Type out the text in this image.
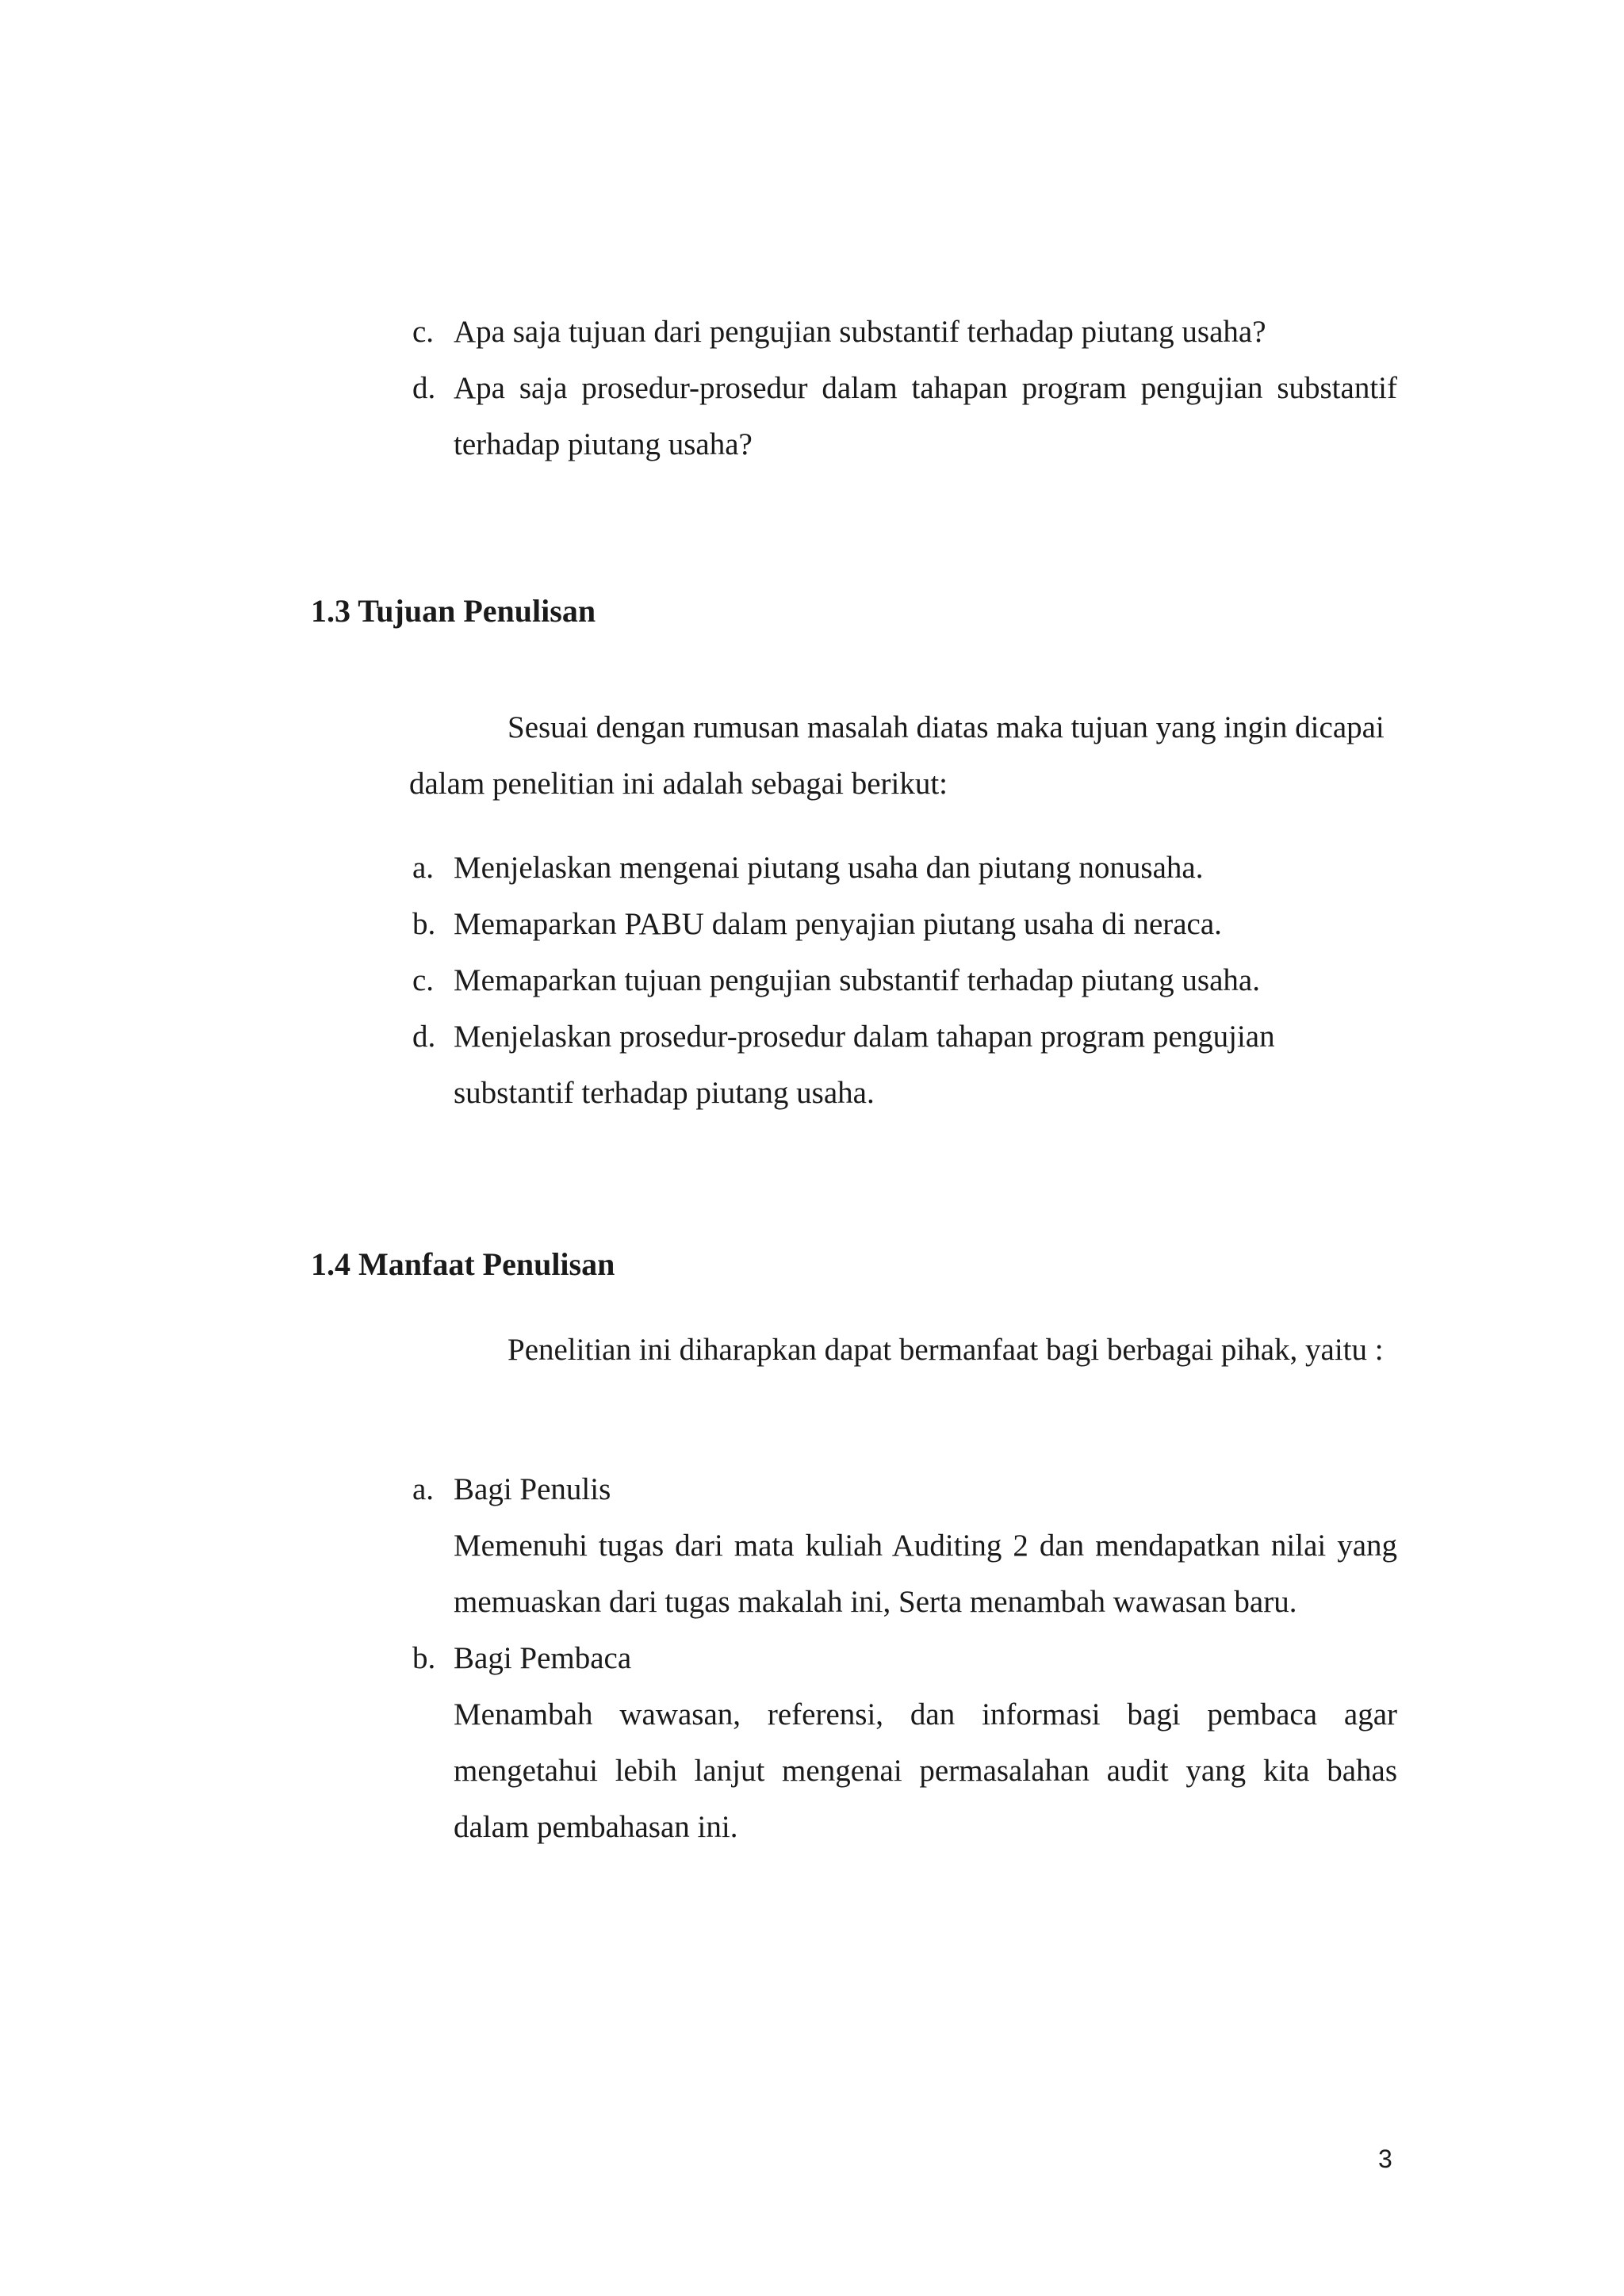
c. Apa saja tujuan dari pengujian substantif terhadap piutang usaha?
d. Apa saja prosedur-prosedur dalam tahapan program pengujian substantif terhadap piutang usaha?
1.3 Tujuan Penulisan

Sesuai dengan rumusan masalah diatas maka tujuan yang ingin dicapai dalam penelitian ini adalah sebagai berikut:

a. Menjelaskan mengenai piutang usaha dan piutang nonusaha.
b. Memaparkan PABU dalam penyajian piutang usaha di neraca.
c. Memaparkan tujuan pengujian substantif terhadap piutang usaha.
d. Menjelaskan prosedur-prosedur dalam tahapan program pengujian substantif terhadap piutang usaha.
1.4 Manfaat Penulisan

Penelitian ini diharapkan dapat bermanfaat bagi berbagai pihak, yaitu :

a. Bagi Penulis
Memenuhi tugas dari mata kuliah Auditing 2 dan mendapatkan nilai yang memuaskan dari tugas makalah ini, Serta menambah wawasan baru.
b. Bagi Pembaca
Menambah wawasan, referensi, dan informasi bagi pembaca agar mengetahui lebih lanjut mengenai permasalahan audit yang kita bahas dalam pembahasan ini.
3
